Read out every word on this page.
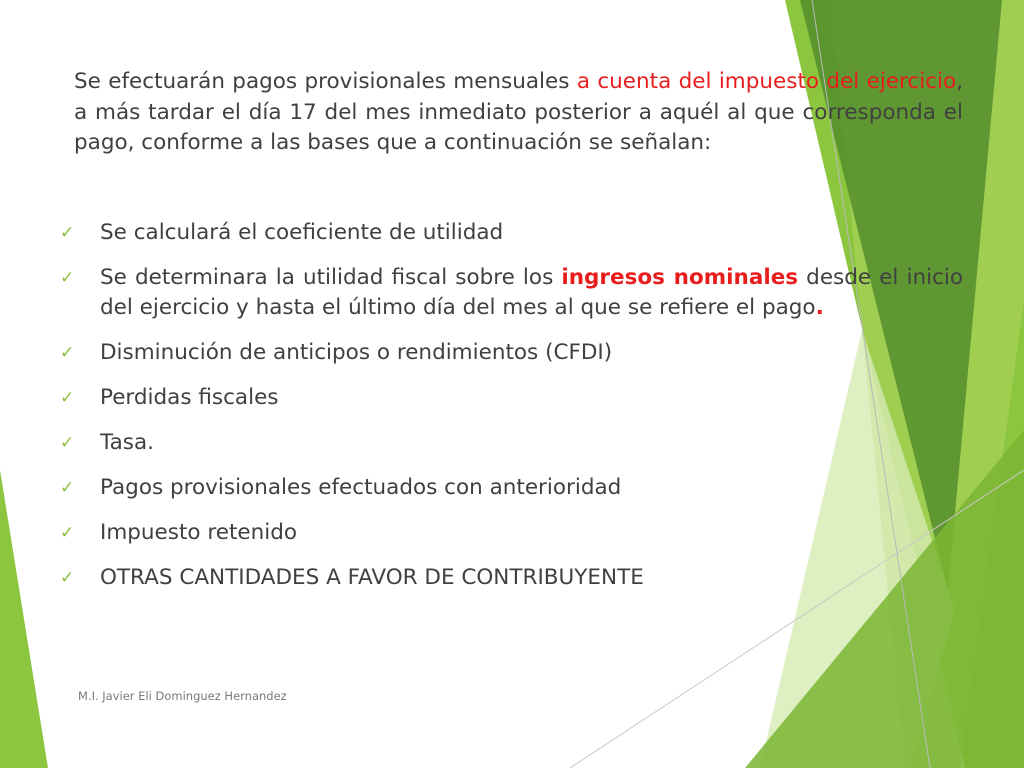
Se efectuarán pagos provisionales mensuales a cuenta del impuesto del ejercicio, a más tardar el día 17 del mes inmediato posterior a aquél al que corresponda el pago, conforme a las bases que a continuación se señalan:
✓	Se calculará el coeficiente de utilidad
✓	Se determinara la utilidad fiscal sobre los ingresos nominales desde el inicio del ejercicio y hasta el último día del mes al que se refiere el pago.
✓	Disminución de anticipos o rendimientos (CFDI)
✓	Perdidas fiscales
✓	Tasa.
✓	Pagos provisionales efectuados con anterioridad
✓	Impuesto retenido
✓	OTRAS CANTIDADES A FAVOR DE CONTRIBUYENTE
M.I. Javier Eli Dominguez Hernandez
